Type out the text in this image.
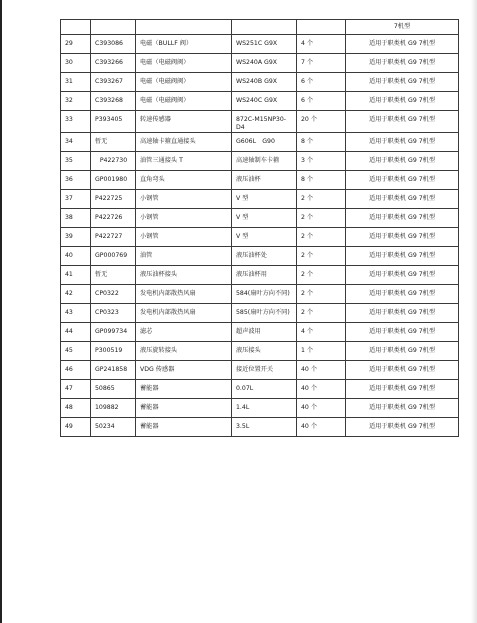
					7机型
29	C393086	电磁（BULLF 阀）	WS251C G9X	4 个	适用于职类机 G9 7机型
30	C393266	电磁（电磁阀阀）	WS240A G9X	7 个	适用于职类机 G9 7机型
31	C393267	电磁（电磁阀阀）	WS240B G9X	6 个	适用于职类机 G9 7机型
32	C393268	电磁（电磁阀阀）	WS240C G9X	6 个	适用于职类机 G9 7机型
33	P393405	转速传感器	872C-M15NP30-D4	20 个	适用于职类机 G9 7机型
34	暂无	高速轴卡箍直通接头	G606L　G90	8 个	适用于职类机 G9 7机型
35	P422730	油管三通接头 T	高速轴制车卡箍	3 个	适用于职类机 G9 7机型
36	GP001980	直角弯头	液压油杯	8 个	适用于职类机 G9 7机型
37	P422725	小钢管	V 型	2 个	适用于职类机 G9 7机型
38	P422726	小钢管	V 型	2 个	适用于职类机 G9 7机型
39	P422727	小钢管	V 型	2 个	适用于职类机 G9 7机型
40	GP000769	油管	液压油杯处	2 个	适用于职类机 G9 7机型
41	暂无	液压油杯接头	液压油杯用	2 个	适用于职类机 G9 7机型
42	CP0322	发电机内部散热风扇	584(扇叶方向不同)	2 个	适用于职类机 G9 7机型
43	CP0323	发电机内部散热风扇	585(扇叶方向不同)	2 个	适用于职类机 G9 7机型
44	GP099734	滤芯	超声波用	4 个	适用于职类机 G9 7机型
45	P300519	液压旋转接头	液压接头	1 个	适用于职类机 G9 7机型
46	GP241858	VDG 传感器	接近位置开关	40 个	适用于职类机 G9 7机型
47	50865	蓄能器	0.07L	40 个	适用于职类机 G9 7机型
48	109882	蓄能器	1.4L	40 个	适用于职类机 G9 7机型
49	50234	蓄能器	3.5L	40 个	适用于职类机 G9 7机型
